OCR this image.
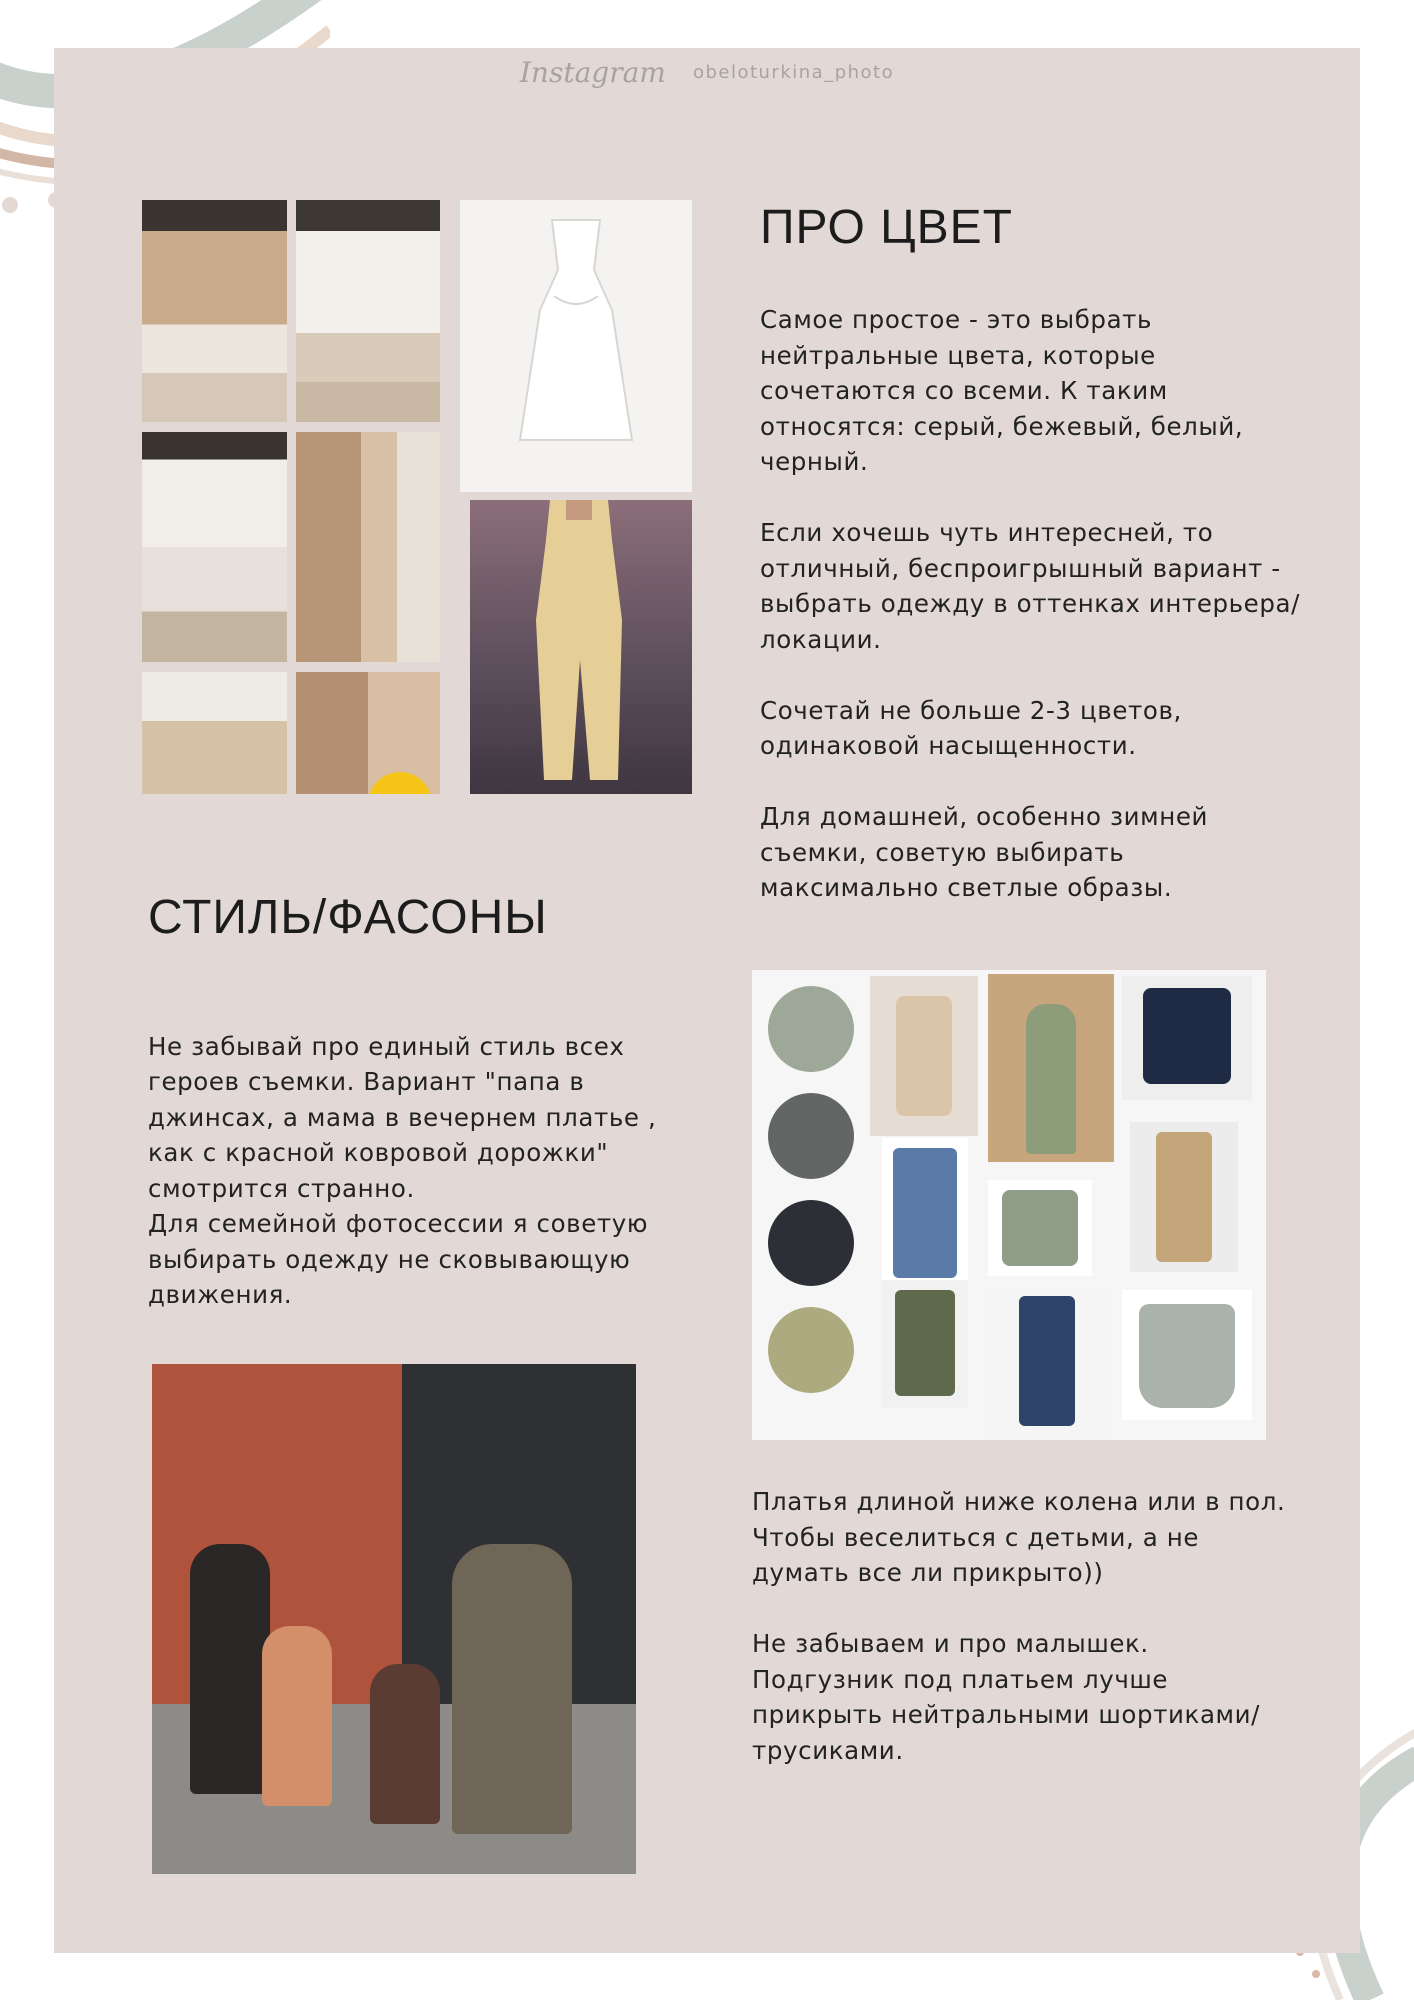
Instagram obeloturkina_photo
ПРО ЦВЕТ

Самое простое - это выбрать нейтральные цвета, которые сочетаются со всеми. К таким относятся: серый, бежевый, белый, черный.

Если хочешь чуть интересней, то отличный, беспроигрышный вариант - выбрать одежду в оттенках интерьера/локации.

Сочетай не больше 2-3 цветов, одинаковой насыщенности.

Для домашней, особенно зимней съемки, советую выбирать максимально светлые образы.

СТИЛЬ/ФАСОНЫ

Не забывай про единый стиль всех героев съемки. Вариант "папа в джинсах, а мама в вечернем платье , как с красной ковровой дорожки" смотрится странно.
Для семейной фотосессии я советую выбирать одежду не сковывающую движения.

Платья длиной ниже колена или в пол. Чтобы веселиться с детьми, а не думать все ли прикрыто))

Не забываем и про малышек. Подгузник под платьем лучше прикрыть нейтральными шортиками/трусиками.
